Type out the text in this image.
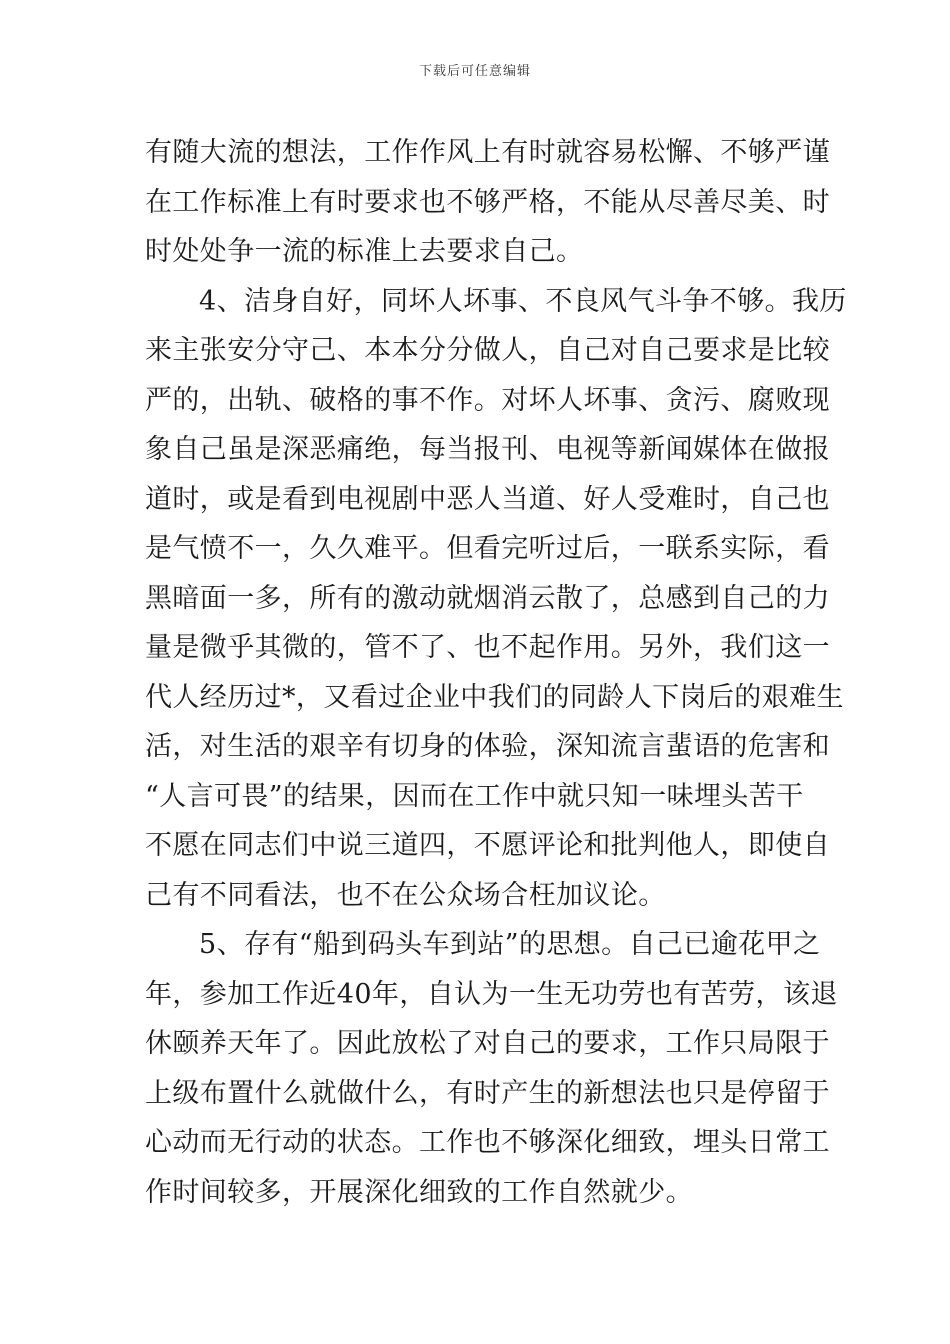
下载后可任意编辑
有随大流的想法，工作作风上有时就容易松懈、不够严谨
在工作标准上有时要求也不够严格，不能从尽善尽美、时
时处处争一流的标准上去要求自己。
4、洁身自好，同坏人坏事、不良风气斗争不够。我历
来主张安分守己、本本分分做人，自己对自己要求是比较
严的，出轨、破格的事不作。对坏人坏事、贪污、腐败现
象自己虽是深恶痛绝，每当报刊、电视等新闻媒体在做报
道时，或是看到电视剧中恶人当道、好人受难时，自己也
是气愤不一，久久难平。但看完听过后，一联系实际，看
黑暗面一多，所有的激动就烟消云散了，总感到自己的力
量是微乎其微的，管不了、也不起作用。另外，我们这一
代人经历过*，又看过企业中我们的同龄人下岗后的艰难生
活，对生活的艰辛有切身的体验，深知流言蜚语的危害和
“人言可畏”的结果，因而在工作中就只知一味埋头苦干
不愿在同志们中说三道四，不愿评论和批判他人，即使自
己有不同看法，也不在公众场合枉加议论。
5、存有“船到码头车到站”的思想。自己已逾花甲之
年，参加工作近40年，自认为一生无功劳也有苦劳，该退
休颐养天年了。因此放松了对自己的要求，工作只局限于
上级布置什么就做什么，有时产生的新想法也只是停留于
心动而无行动的状态。工作也不够深化细致，埋头日常工
作时间较多，开展深化细致的工作自然就少。
